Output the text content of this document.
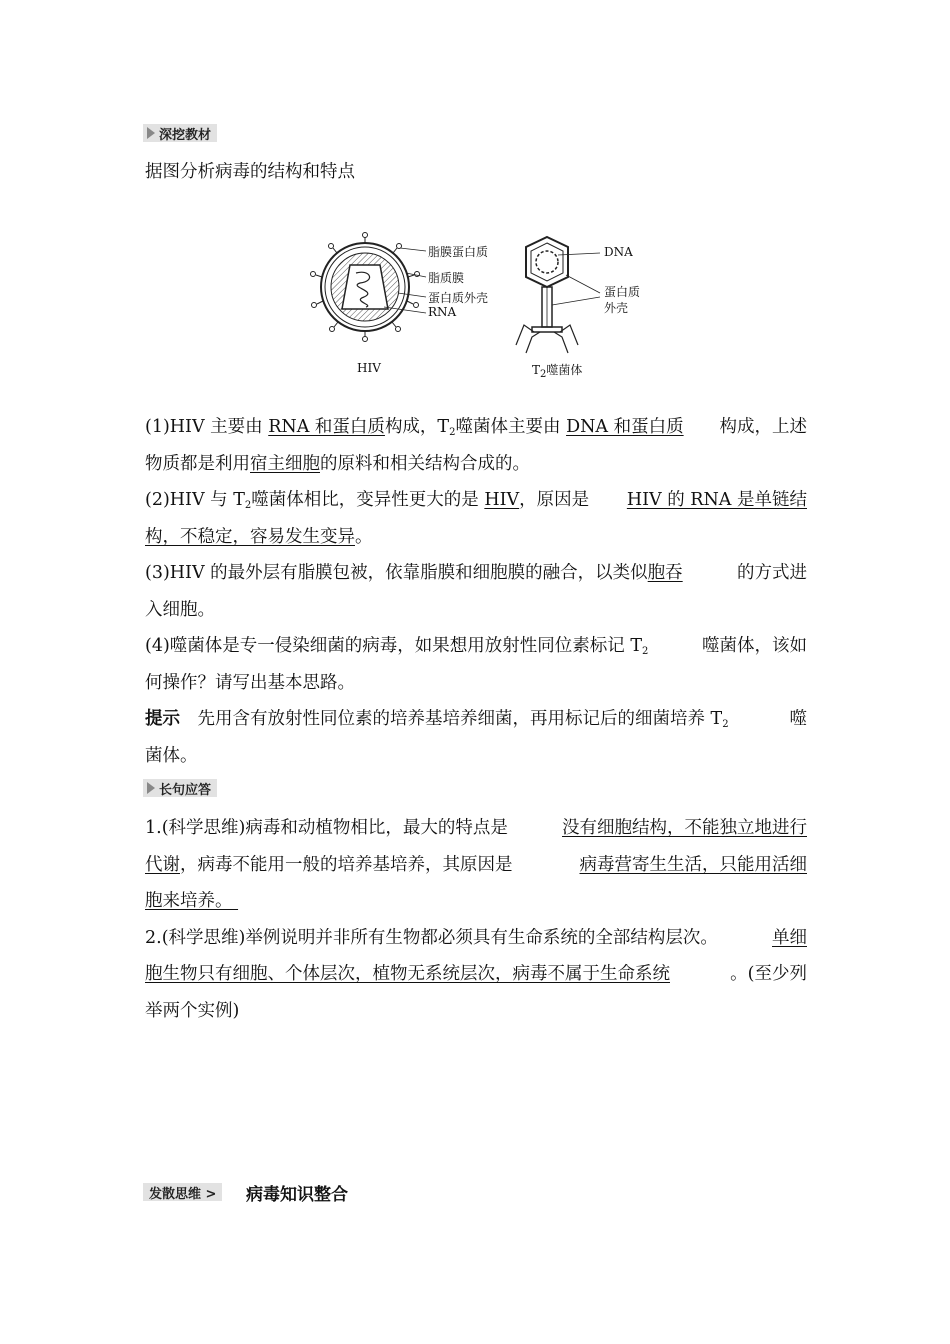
深挖教材
据图分析病毒的结构和特点
脂膜蛋白质
脂质膜
蛋白质外壳
RNA
HIV
DNA
蛋白质
外壳
$T_2$噬菌体
(1)HIV 主要由 RNA 和蛋白质构成，$T_2$噬菌体主要由 DNA 和蛋白质 构成，上述
物质都是利用宿主细胞的原料和相关结构合成的。
(2)HIV 与 $T_2$噬菌体相比，变异性更大的是 HIV，原因是 HIV 的 RNA 是单链结
构，不稳定，容易发生变异。
(3)HIV 的最外层有脂膜包被，依靠脂膜和细胞膜的融合，以类似胞吞	的方式进
入细胞。
(4)噬菌体是专一侵染细菌的病毒，如果想用放射性同位素标记 $T_2$	噬菌体，该如
何操作？请写出基本思路。
提示　先用含有放射性同位素的培养基培养细菌，再用标记后的细菌培养 $T_2$	噬
菌体。
长句应答
1.(科学思维)病毒和动植物相比，最大的特点是	没有细胞结构，不能独立地进行
代谢，病毒不能用一般的培养基培养，其原因是	病毒营寄生生活，只能用活细
胞来培养。
2.(科学思维)举例说明并非所有生物都必须具有生命系统的全部结构层次。	单细
胞生物只有细胞、个体层次，植物无系统层次，病毒不属于生命系统	。(至少列
举两个实例)
发散思维 > 病毒知识整合
